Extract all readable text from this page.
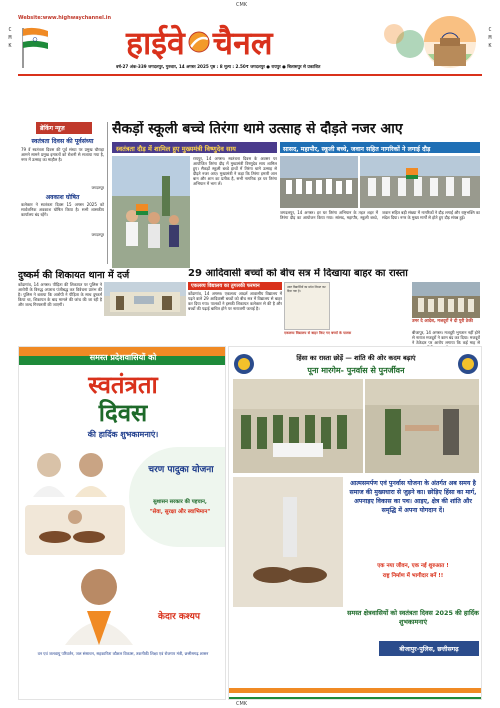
CMK
CMK
C
M
K
C
M
K
Website:www.highwaychannel.in
हाईवे चैनल
वर्ष-27 अंक-339 जगदलपुर, गुरुवार, 14 अगस्त 2025 पृष्ठ : 8 मूल्य : 2.50₹ जगदलपुर ● रायपुर ● बिलासपुर से प्रकाशित
ब्रेकिंग न्यूज़
स्वतंत्रता दिवस की पूर्वसंध्या
79 वें स्वतंत्रता दिवस की पूर्व संध्या पर प्रमुख चौराहा आमने सामने प्रमुख इमारतों को रोशनी से सजाया गया है, नगर में उत्साह का माहौल है।
जगदलपुर
अवकाश घोषित
कलेक्टर ने स्वतंत्रता दिवस 15 अगस्त 2025 को सार्वजनिक अवकाश घोषित किया है। सभी शासकीय कार्यालय बंद रहेंगे।
जगदलपुर
सैकड़ों स्कूली बच्चे तिरंगा थामे उत्साह से दौड़ते नजर आए
स्वतंत्रता दौड़ में शामिल हुए मुख्यमंत्री विष्णुदेव साय	सासद, महापौर, स्कूली बच्चे, जवान सहित नागरिकों ने लगाई दौड़
रायपुर, 14 अगस्त। स्वतंत्रता दिवस के अवसर पर आयोजित तिरंगा दौड़ में मुख्यमंत्री विष्णुदेव साय शामिल हुए। सैकड़ों स्कूली बच्चे हाथों में तिरंगा थामे उत्साह से दौड़ते नजर आए। मुख्यमंत्री ने कहा कि तिरंगा हमारी आन बान और शान का प्रतीक है, सभी नागरिक हर घर तिरंगा अभियान में भाग लें।
जगदलपुर, 14 अगस्त। हर घर तिरंगा अभियान के तहत शहर में तिरंगा दौड़ का आयोजन किया गया। सांसद, महापौर, स्कूली बच्चे, जवान सहित बड़ी संख्या में नागरिकों ने दौड़ लगाई और राष्ट्रभक्ति का संदेश दिया। नगर के मुख्य मार्गों से होते हुए दौड़ संपन्न हुई।
दुष्कर्म की शिकायत थाना में दर्ज
कोंडागांव, 14 अगस्त। पीड़िता की शिकायत पर पुलिस ने आरोपी के विरुद्ध अपराध पंजीबद्ध कर विवेचना प्रारंभ की है। पुलिस ने बताया कि आरोपी ने पीड़िता के साथ दुष्कर्म किया था, शिकायत के बाद मामले की जांच की जा रही है और जल्द गिरफ्तारी की जाएगी।
29 आदिवासी बच्चों को बीच सत्र में दिखाया बाहर का रास्ता
एकलव्य विद्यालय का तुगलकी फरमान
कोंडागांव, 14 अगस्त। एकलव्य आदर्श आवासीय विद्यालय में पढ़ने वाले 29 आदिवासी बच्चों को बीच सत्र में विद्यालय से बाहर कर दिया गया। पालकों ने इसकी शिकायत कलेक्टर से की है और बच्चों की पढ़ाई बाधित होने पर नाराजगी जताई है।
उक्त विद्यार्थियों का प्रवेश निरस्त कर दिया गया है।
एकलव्य विद्यालय से बाहर किए गए बच्चों के पालक
उमर दे आदेश, मजदूरों ने दी पुरी ठेकी
बीजापुर, 14 अगस्त। मजदूरी भुगतान नहीं होने से नाराज मजदूरों ने काम बंद कर दिया। मजदूरों ने ठेकेदार पर आरोप लगाया कि कई माह से
समस्त प्रदेशवासियों को
स्वतंत्रता
दिवस
की हार्दिक शुभकामनाएं।
चरण पादुका योजना
सुशासन सरकार की पहचान,
"सेवा, सुरक्षा और स्वाभिमान"
केदार कश्यप
वन एवं जलवायु परिवर्तन, जल संसाधन, सहकारिता कौशल विकास, तकनीकी शिक्षा एवं रोजगार मंत्री, छत्तीसगढ़ शासन
हिंसा का रास्ता छोड़ें — शांति की ओर कदम बढ़ाएं
पूना मारगेम- पुनर्वास से पुनर्जीवन
आत्मसमर्पण एवं पुनर्वास योजना के अंतर्गत अब समय है समाज की मुख्यधारा से जुड़ने का। छोड़िए हिंसा का मार्ग, अपनाइए विकास का पथ। आइए, क्षेत्र की शांति और समृद्धि में अपना योगदान दें।
एक नया जीवन, एक नई शुरुआत !
राष्ट्र निर्माण में भागीदार बनें !!
समस्त क्षेत्रवासियों को स्वतंत्रता दिवस 2025 की हार्दिक शुभकामनाएं
बीजापुर-पुलिस, छत्तीसगढ़
